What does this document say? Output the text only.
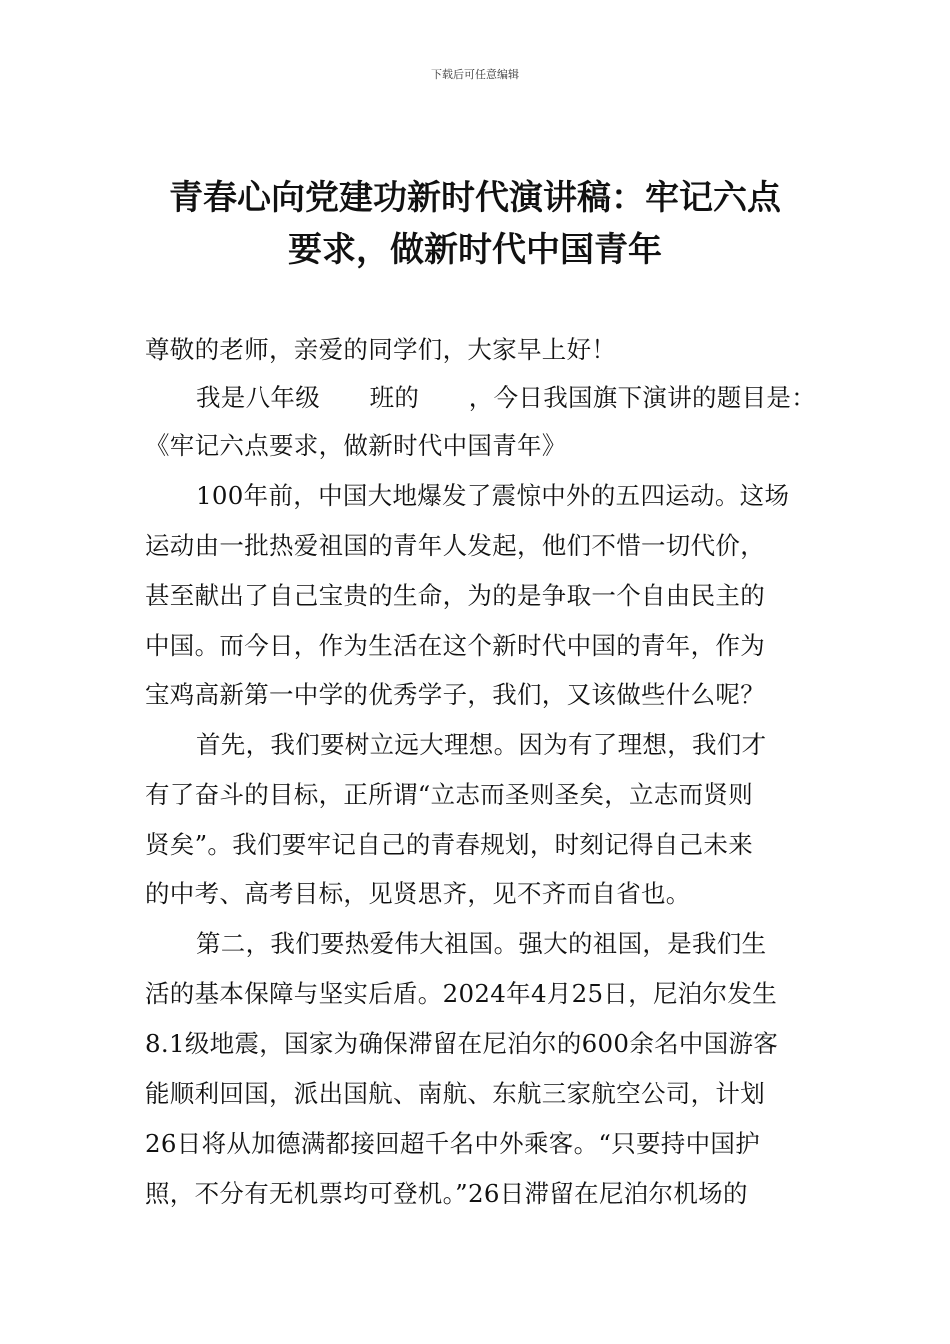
下载后可任意编辑
青春心向党建功新时代演讲稿：牢记六点
要求，做新时代中国青年
尊敬的老师，亲爱的同学们，大家早上好！
我是八年级　　班的　　，今日我国旗下演讲的题目是：
《牢记六点要求，做新时代中国青年》
100年前，中国大地爆发了震惊中外的五四运动。这场
运动由一批热爱祖国的青年人发起，他们不惜一切代价，
甚至献出了自己宝贵的生命，为的是争取一个自由民主的
中国。而今日，作为生活在这个新时代中国的青年，作为
宝鸡高新第一中学的优秀学子，我们，又该做些什么呢？
首先，我们要树立远大理想。因为有了理想，我们才
有了奋斗的目标，正所谓“立志而圣则圣矣，立志而贤则
贤矣”。我们要牢记自己的青春规划，时刻记得自己未来
的中考、高考目标，见贤思齐，见不齐而自省也。
第二，我们要热爱伟大祖国。强大的祖国，是我们生
活的基本保障与坚实后盾。2024年4月25日，尼泊尔发生
8.1级地震，国家为确保滞留在尼泊尔的600余名中国游客
能顺利回国，派出国航、南航、东航三家航空公司，计划
26日将从加德满都接回超千名中外乘客。“只要持中国护
照，不分有无机票均可登机。”26日滞留在尼泊尔机场的
